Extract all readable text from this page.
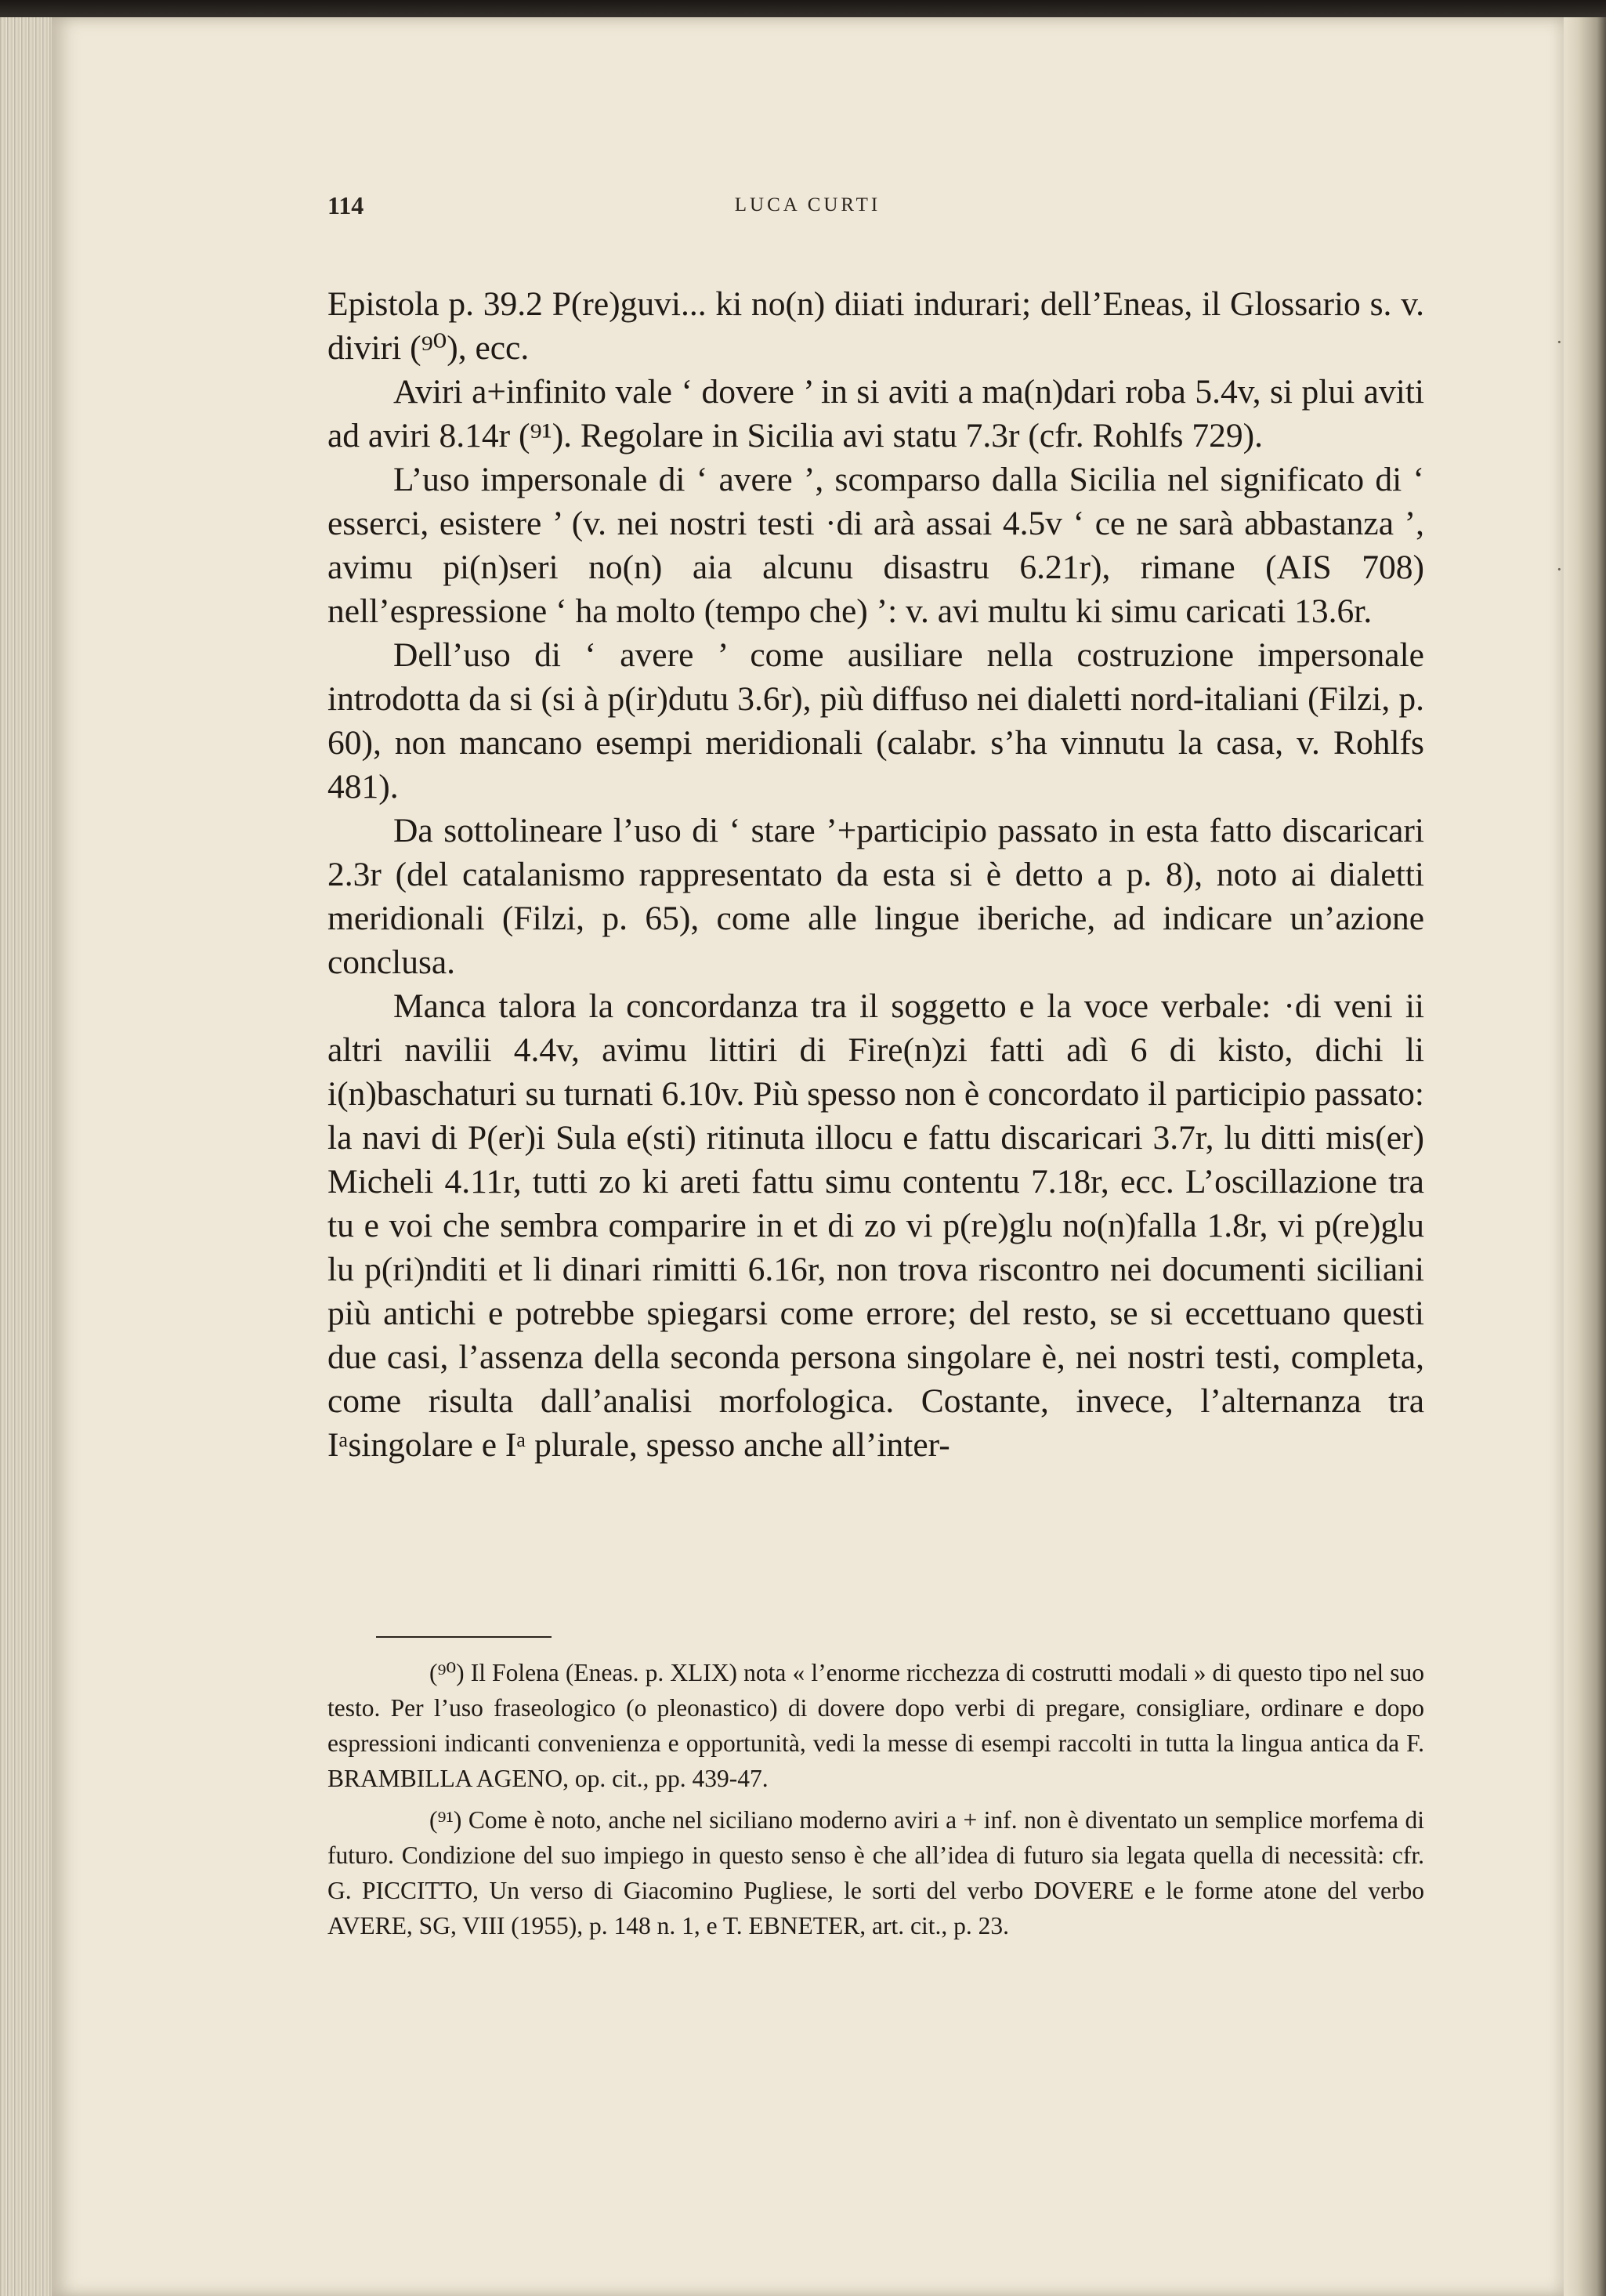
114	LUCA CURTI

Epistola p. 39.2 P(re)guvi... ki no(n) diiati indurari; dell’Eneas, il Glossario s. v. diviri (⁹⁰), ecc.

Aviri a+infinito vale ‘ dovere ’ in si aviti a ma(n)dari roba 5.4v, si plui aviti ad aviri 8.14r (⁹¹). Regolare in Sicilia avi statu 7.3r (cfr. Rohlfs 729).

L’uso impersonale di ‘ avere ’, scomparso dalla Sicilia nel significato di ‘ esserci, esistere ’ (v. nei nostri testi ·di arà assai 4.5v ‘ ce ne sarà abbastanza ’, avimu pi(n)seri no(n) aia alcunu disastru 6.21r), rimane (AIS 708) nell’espressione ‘ ha molto (tempo che) ’: v. avi multu ki simu caricati 13.6r.

Dell’uso di ‘ avere ’ come ausiliare nella costruzione impersonale introdotta da si (si à p(ir)dutu 3.6r), più diffuso nei dialetti nord-italiani (Filzi, p. 60), non mancano esempi meridionali (calabr. s’ha vinnutu la casa, v. Rohlfs 481).

Da sottolineare l’uso di ‘ stare ’+participio passato in esta fatto discaricari 2.3r (del catalanismo rappresentato da esta si è detto a p. 8), noto ai dialetti meridionali (Filzi, p. 65), come alle lingue iberiche, ad indicare un’azione conclusa.

Manca talora la concordanza tra il soggetto e la voce verbale: ·di veni ii altri navilii 4.4v, avimu littiri di Fire(n)zi fatti adì 6 di kisto, dichi li i(n)baschaturi su turnati 6.10v. Più spesso non è concordato il participio passato: la navi di P(er)i Sula e(sti) ritinuta illocu e fattu discaricari 3.7r, lu ditti mis(er) Micheli 4.11r, tutti zo ki areti fattu simu contentu 7.18r, ecc. L’oscillazione tra tu e voi che sembra comparire in et di zo vi p(re)glu no(n)falla 1.8r, vi p(re)glu lu p(ri)nditi et li dinari rimitti 6.16r, non trova riscontro nei documenti siciliani più antichi e potrebbe spiegarsi come errore; del resto, se si eccettuano questi due casi, l’assenza della seconda persona singolare è, nei nostri testi, completa, come risulta dall’analisi morfologica. Costante, invece, l’alternanza tra Iᵃsingolare e Iᵃ plurale, spesso anche all’inter-

(⁹⁰) Il Folena (Eneas. p. XLIX) nota « l’enorme ricchezza di costrutti modali » di questo tipo nel suo testo. Per l’uso fraseologico (o pleonastico) di dovere dopo verbi di pregare, consigliare, ordinare e dopo espressioni indicanti convenienza e opportunità, vedi la messe di esempi raccolti in tutta la lingua antica da F. BRAMBILLA AGENO, op. cit., pp. 439-47.

(⁹¹) Come è noto, anche nel siciliano moderno aviri a + inf. non è diventato un semplice morfema di futuro. Condizione del suo impiego in questo senso è che all’idea di futuro sia legata quella di necessità: cfr. G. PICCITTO, Un verso di Giacomino Pugliese, le sorti del verbo DOVERE e le forme atone del verbo AVERE, SG, VIII (1955), p. 148 n. 1, e T. EBNETER, art. cit., p. 23.

·
·
